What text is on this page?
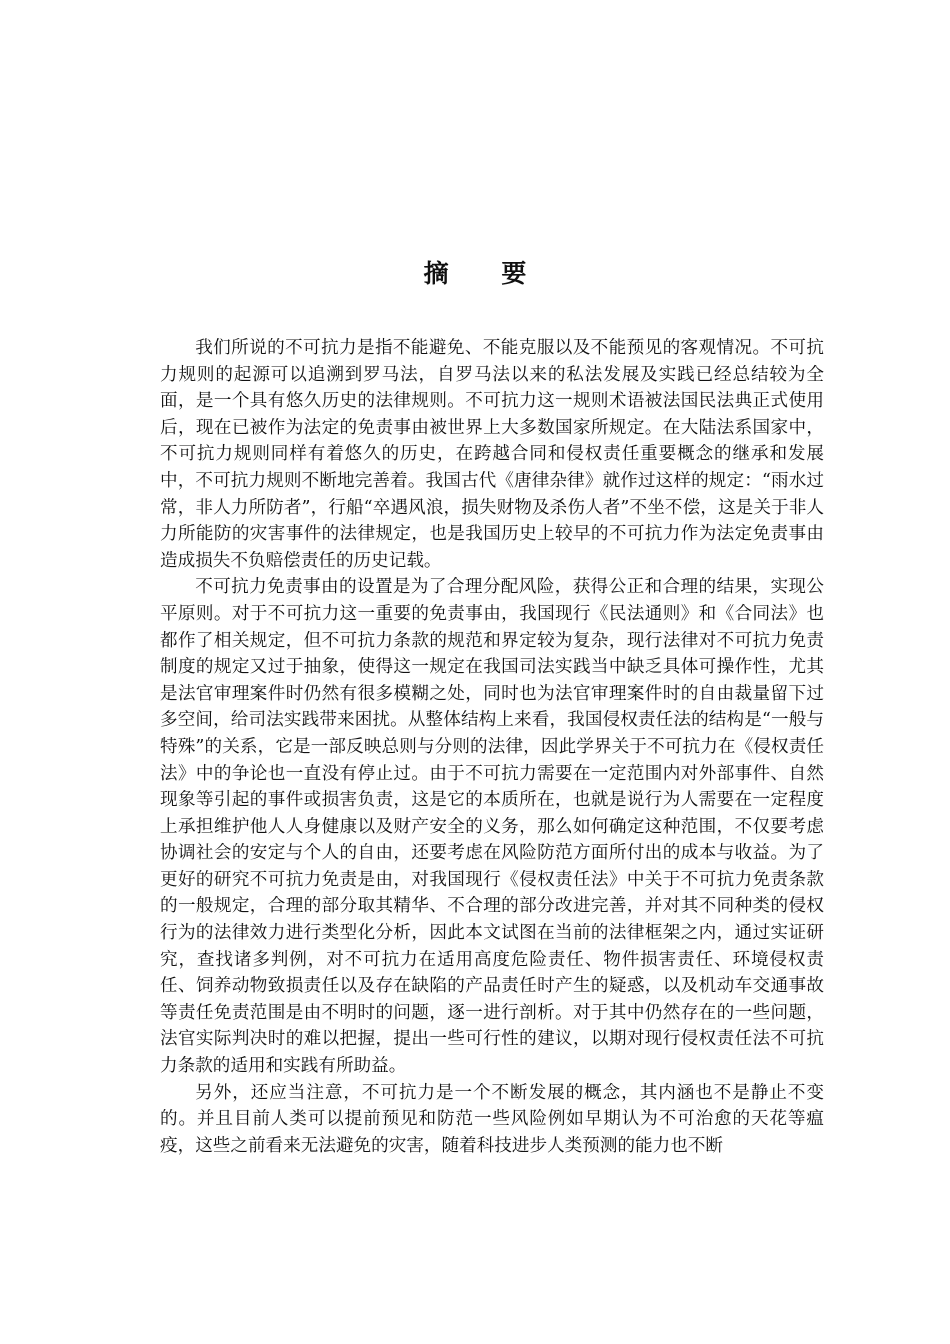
摘 要

我们所说的不可抗力是指不能避免、不能克服以及不能预见的客观情况。不可抗力规则的起源可以追溯到罗马法，自罗马法以来的私法发展及实践已经总结较为全面，是一个具有悠久历史的法律规则。不可抗力这一规则术语被法国民法典正式使用后，现在已被作为法定的免责事由被世界上大多数国家所规定。在大陆法系国家中，不可抗力规则同样有着悠久的历史，在跨越合同和侵权责任重要概念的继承和发展中，不可抗力规则不断地完善着。我国古代《唐律杂律》就作过这样的规定：“雨水过常，非人力所防者”，行船“卒遇风浪，损失财物及杀伤人者”不坐不偿，这是关于非人力所能防的灾害事件的法律规定，也是我国历史上较早的不可抗力作为法定免责事由造成损失不负赔偿责任的历史记载。

不可抗力免责事由的设置是为了合理分配风险，获得公正和合理的结果，实现公平原则。对于不可抗力这一重要的免责事由，我国现行《民法通则》和《合同法》也都作了相关规定，但不可抗力条款的规范和界定较为复杂，现行法律对不可抗力免责制度的规定又过于抽象，使得这一规定在我国司法实践当中缺乏具体可操作性，尤其是法官审理案件时仍然有很多模糊之处，同时也为法官审理案件时的自由裁量留下过多空间，给司法实践带来困扰。从整体结构上来看，我国侵权责任法的结构是“一般与特殊”的关系，它是一部反映总则与分则的法律，因此学界关于不可抗力在《侵权责任法》中的争论也一直没有停止过。由于不可抗力需要在一定范围内对外部事件、自然现象等引起的事件或损害负责，这是它的本质所在，也就是说行为人需要在一定程度上承担维护他人人身健康以及财产安全的义务，那么如何确定这种范围，不仅要考虑协调社会的安定与个人的自由，还要考虑在风险防范方面所付出的成本与收益。为了更好的研究不可抗力免责是由，对我国现行《侵权责任法》中关于不可抗力免责条款的一般规定，合理的部分取其精华、不合理的部分改进完善，并对其不同种类的侵权行为的法律效力进行类型化分析，因此本文试图在当前的法律框架之内，通过实证研究，查找诸多判例，对不可抗力在适用高度危险责任、物件损害责任、环境侵权责任、饲养动物致损责任以及存在缺陷的产品责任时产生的疑惑，以及机动车交通事故等责任免责范围是由不明时的问题，逐一进行剖析。对于其中仍然存在的一些问题，法官实际判决时的难以把握，提出一些可行性的建议，以期对现行侵权责任法不可抗力条款的适用和实践有所助益。

另外，还应当注意，不可抗力是一个不断发展的概念，其内涵也不是静止不变的。并且目前人类可以提前预见和防范一些风险例如早期认为不可治愈的天花等瘟疫，这些之前看来无法避免的灾害，随着科技进步人类预测的能力也不断
